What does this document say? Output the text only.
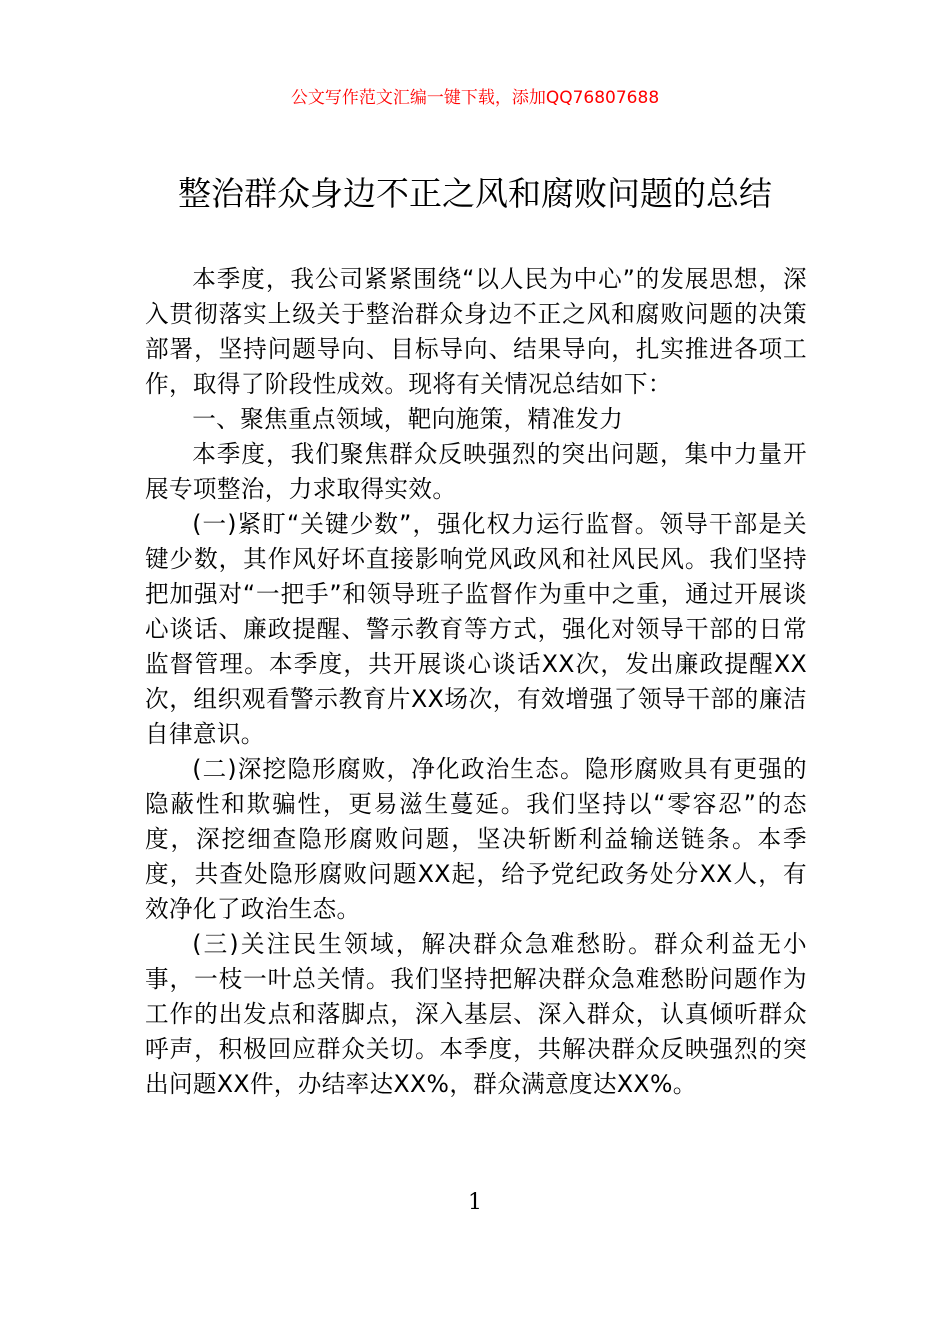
公文写作范文汇编一键下载，添加QQ76807688
整治群众身边不正之风和腐败问题的总结

本季度，我公司紧紧围绕“以人民为中心”的发展思想，深入贯彻落实上级关于整治群众身边不正之风和腐败问题的决策部署，坚持问题导向、目标导向、结果导向，扎实推进各项工作，取得了阶段性成效。现将有关情况总结如下：

一、聚焦重点领域，靶向施策，精准发力

本季度，我们聚焦群众反映强烈的突出问题，集中力量开展专项整治，力求取得实效。

(一)紧盯“关键少数”，强化权力运行监督。领导干部是关键少数，其作风好坏直接影响党风政风和社风民风。我们坚持把加强对“一把手”和领导班子监督作为重中之重，通过开展谈心谈话、廉政提醒、警示教育等方式，强化对领导干部的日常监督管理。本季度，共开展谈心谈话XX次，发出廉政提醒XX次，组织观看警示教育片XX场次，有效增强了领导干部的廉洁自律意识。

(二)深挖隐形腐败，净化政治生态。隐形腐败具有更强的隐蔽性和欺骗性，更易滋生蔓延。我们坚持以“零容忍”的态度，深挖细查隐形腐败问题，坚决斩断利益输送链条。本季度，共查处隐形腐败问题XX起，给予党纪政务处分XX人，有效净化了政治生态。

(三)关注民生领域，解决群众急难愁盼。群众利益无小事，一枝一叶总关情。我们坚持把解决群众急难愁盼问题作为工作的出发点和落脚点，深入基层、深入群众，认真倾听群众呼声，积极回应群众关切。本季度，共解决群众反映强烈的突出问题XX件，办结率达XX%，群众满意度达XX%。

1
